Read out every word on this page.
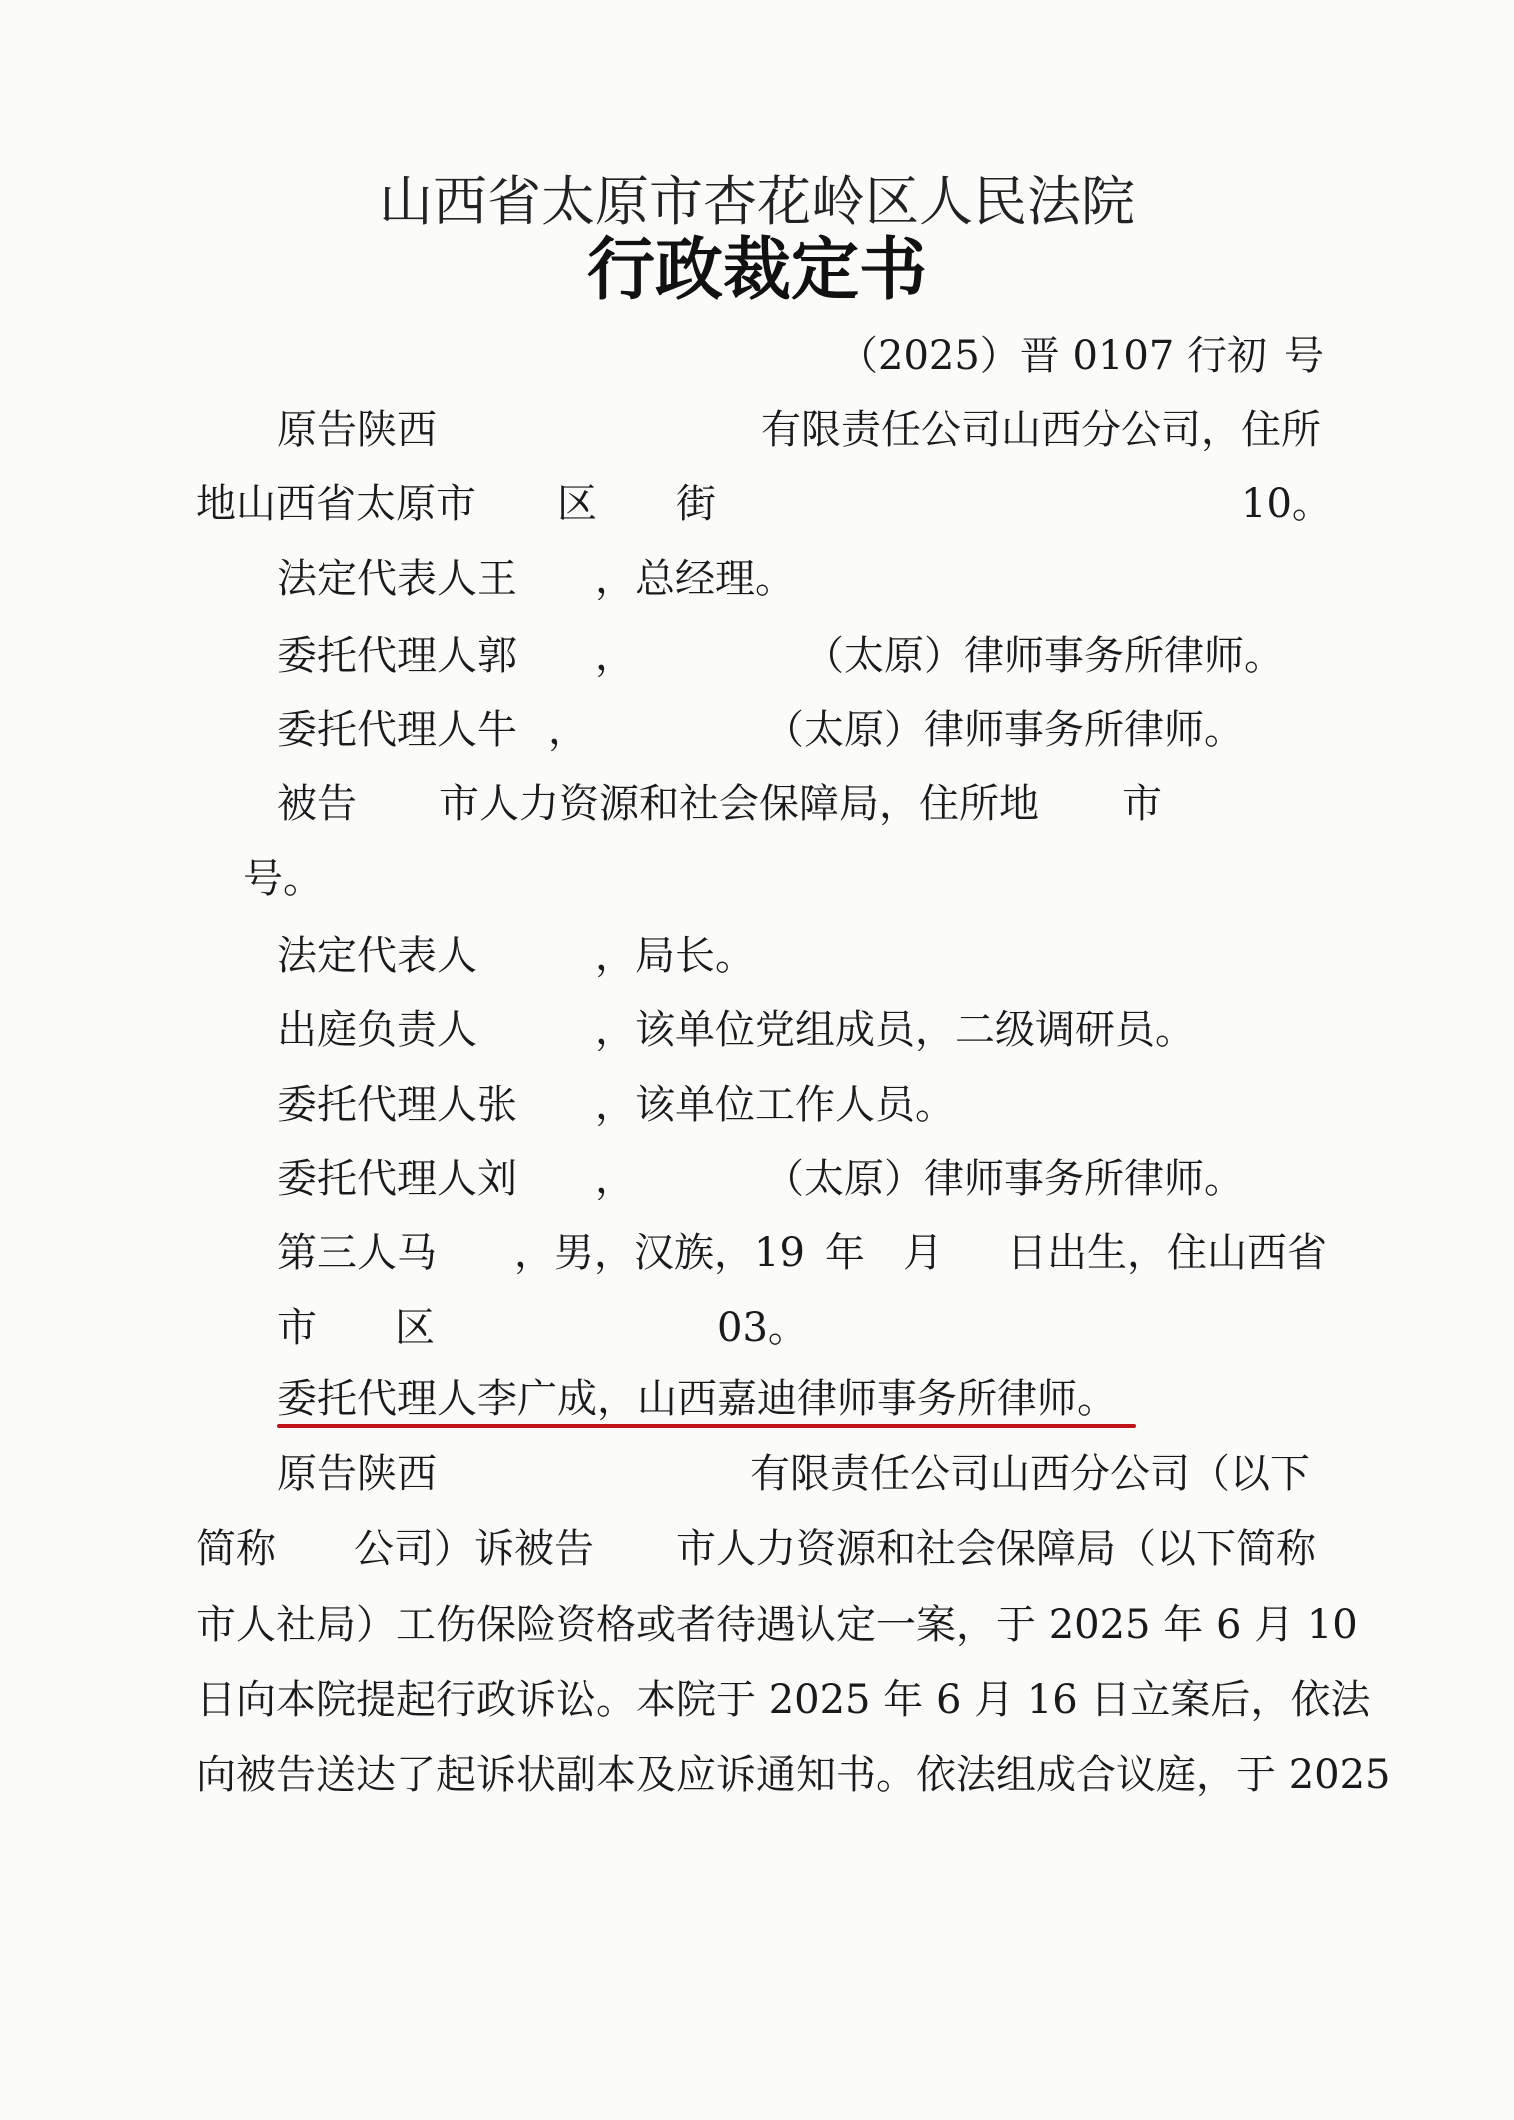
山西省太原市杏花岭区人民法院
行政裁定书
（2025）晋 0107 行初 号
原告陕西	有限责任公司山西分公司，住所
地山西省太原市 区 街	10。
法定代表人王 ，总经理。
委托代理人郭 ，	（太原）律师事务所律师。
委托代理人牛 ，	（太原）律师事务所律师。
被告 市人力资源和社会保障局，住所地 市
号。
法定代表人	，局长。
出庭负责人	，该单位党组成员，二级调研员。
委托代理人张 ，该单位工作人员。
委托代理人刘 ，	（太原）律师事务所律师。
第三人马 ，男，汉族，19 年 月 日出生，住山西省
市 区	03。
委托代理人李广成，山西嘉迪律师事务所律师。
原告陕西	有限责任公司山西分公司（以下
简称 公司）诉被告 市人力资源和社会保障局（以下简称
市人社局）工伤保险资格或者待遇认定一案，于 2025 年 6 月 10
日向本院提起行政诉讼。本院于 2025 年 6 月 16 日立案后，依法
向被告送达了起诉状副本及应诉通知书。依法组成合议庭，于 2025
